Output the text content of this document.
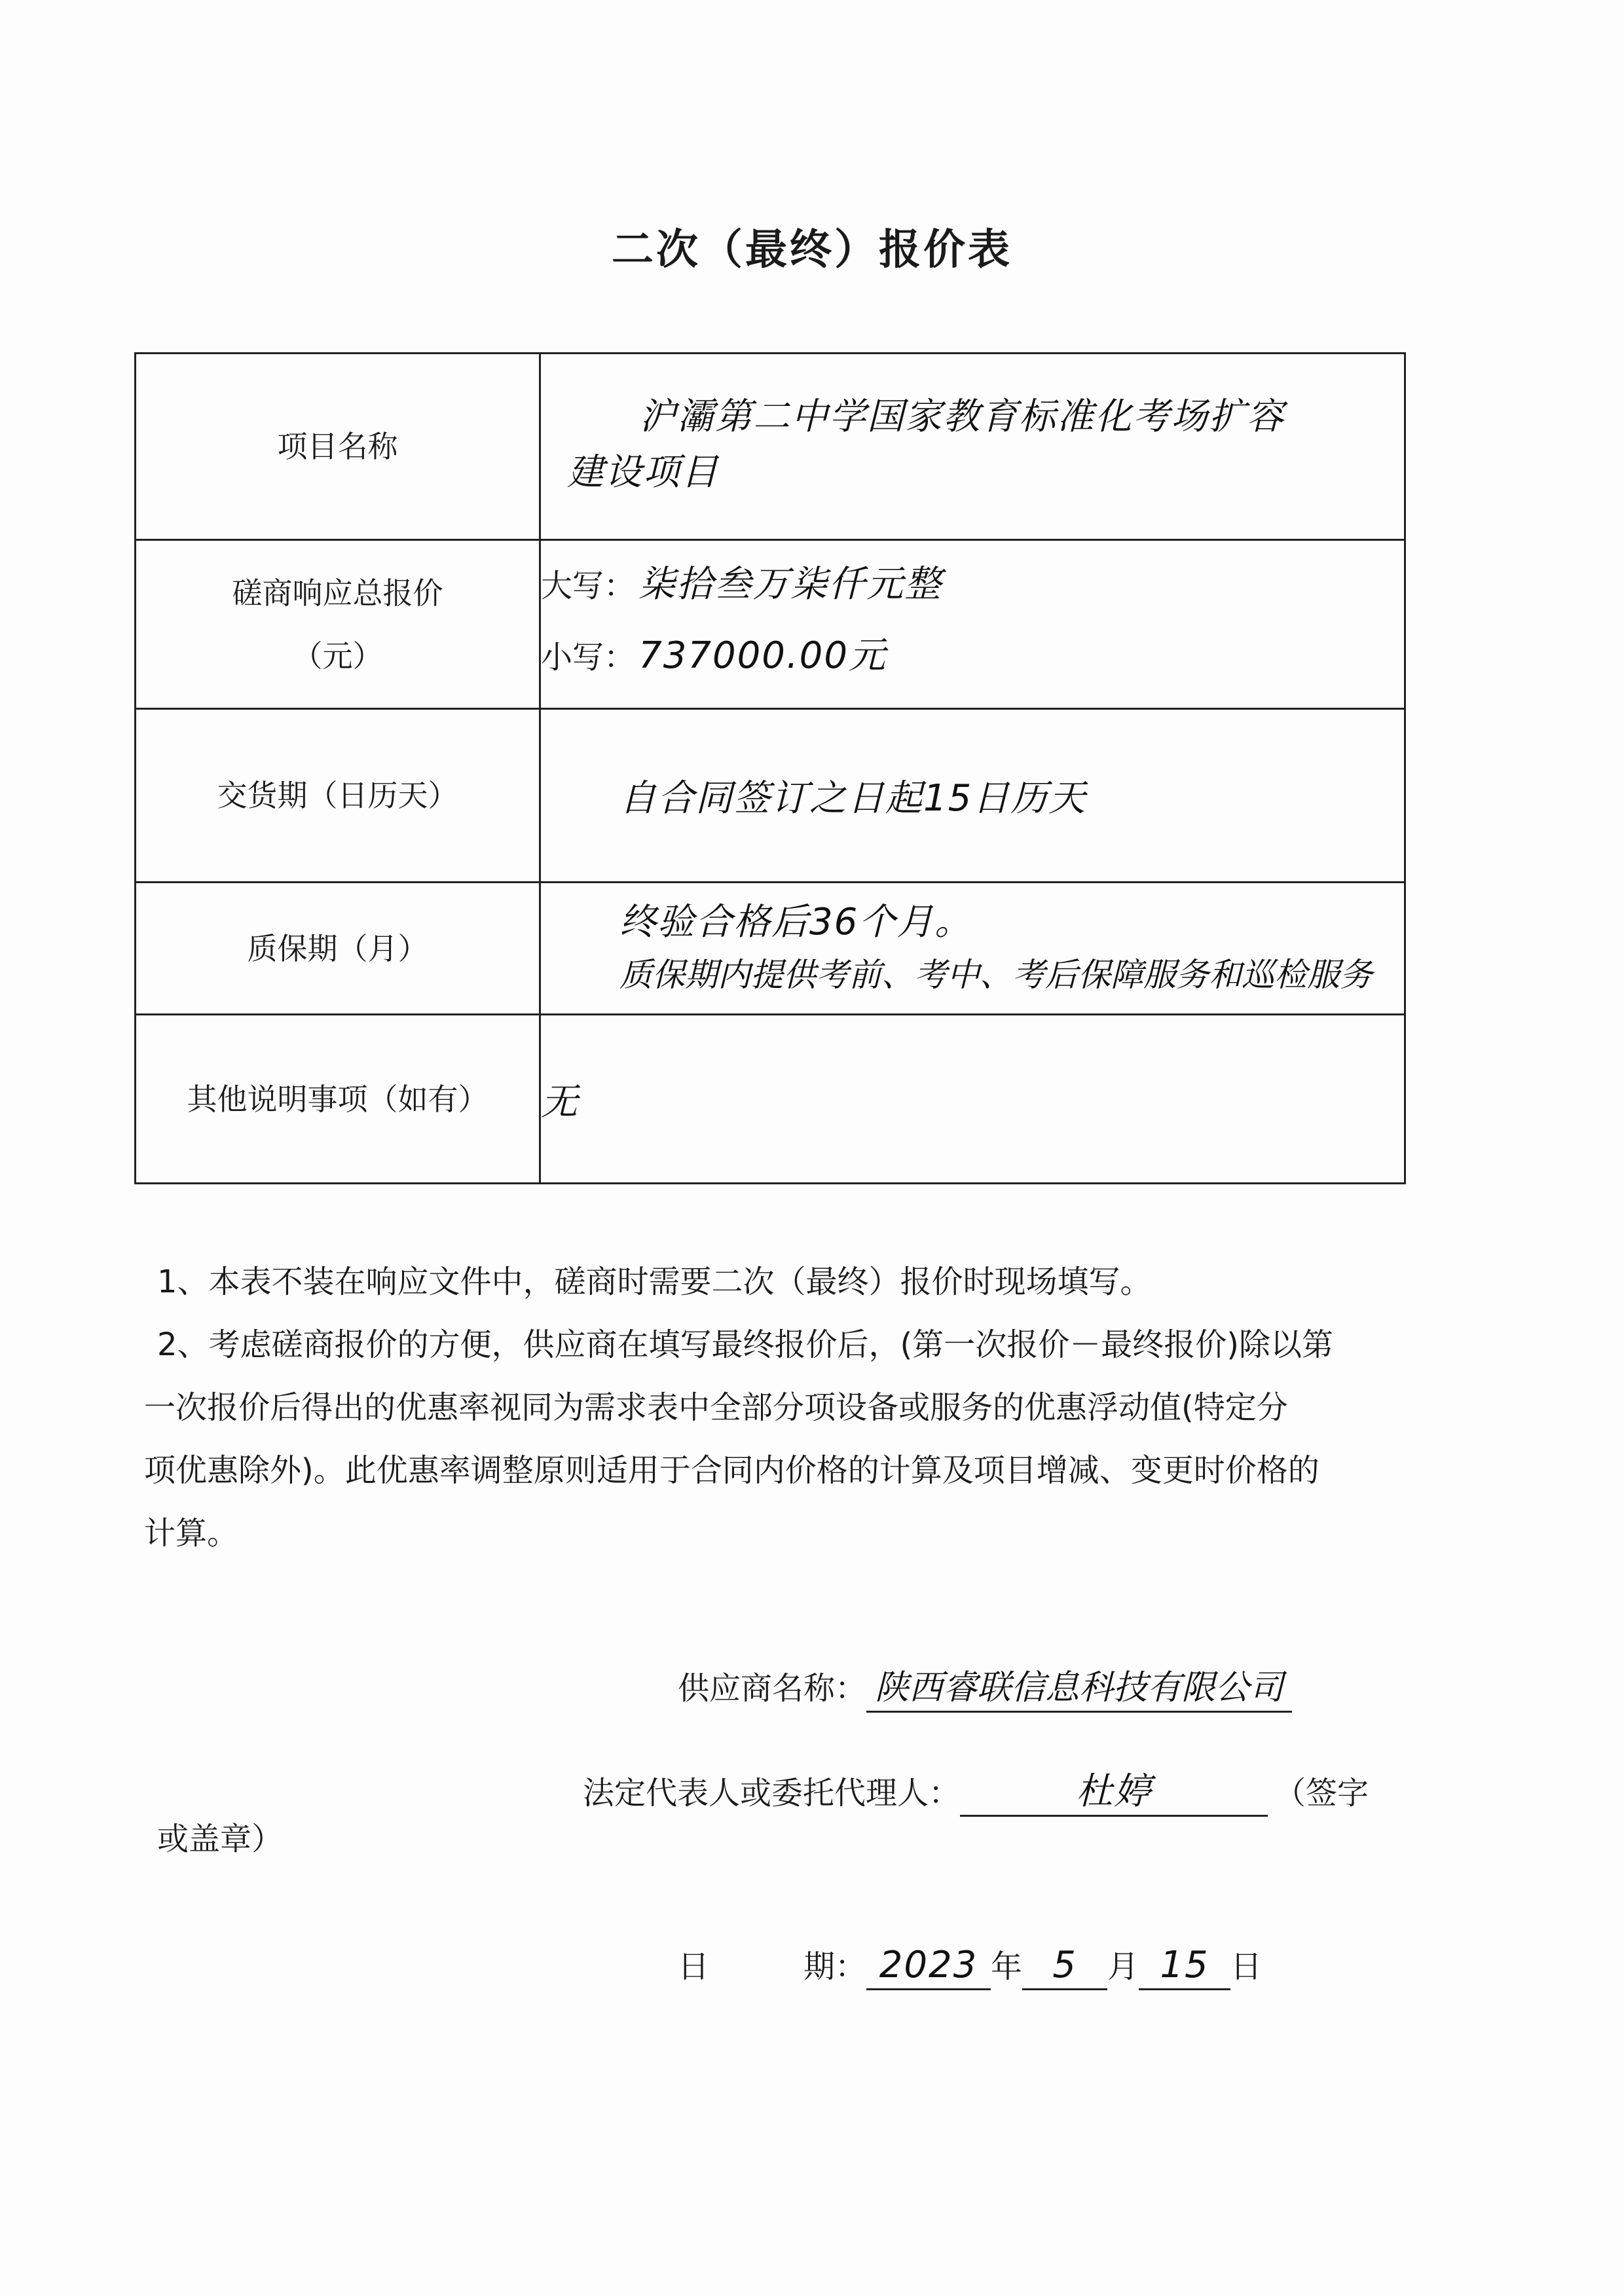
二次（最终）报价表
项目名称	沪灞第二中学国家教育标准化考场扩容
建设项目

磋商响应总报价
（元）	大写： 柒拾叁万柒仟元整
小写： 737000.00元

交货期（日历天）	自合同签订之日起15日历天

质保期（月）	终验合格后36个月。
质保期内提供考前、考中、考后保障服务和巡检服务

其他说明事项（如有）	无

1、本表不装在响应文件中，磋商时需要二次（最终）报价时现场填写。

2、考虑磋商报价的方便，供应商在填写最终报价后，(第一次报价－最终报价)除以第

一次报价后得出的优惠率视同为需求表中全部分项设备或服务的优惠浮动值(特定分

项优惠除外)。此优惠率调整原则适用于合同内价格的计算及项目增减、变更时价格的

计算。

供应商名称： 陕西睿联信息科技有限公司
法定代表人或委托代理人：	杜婷	（签字
或盖章）
日　　　期： 2023 年 5 月 15 日
